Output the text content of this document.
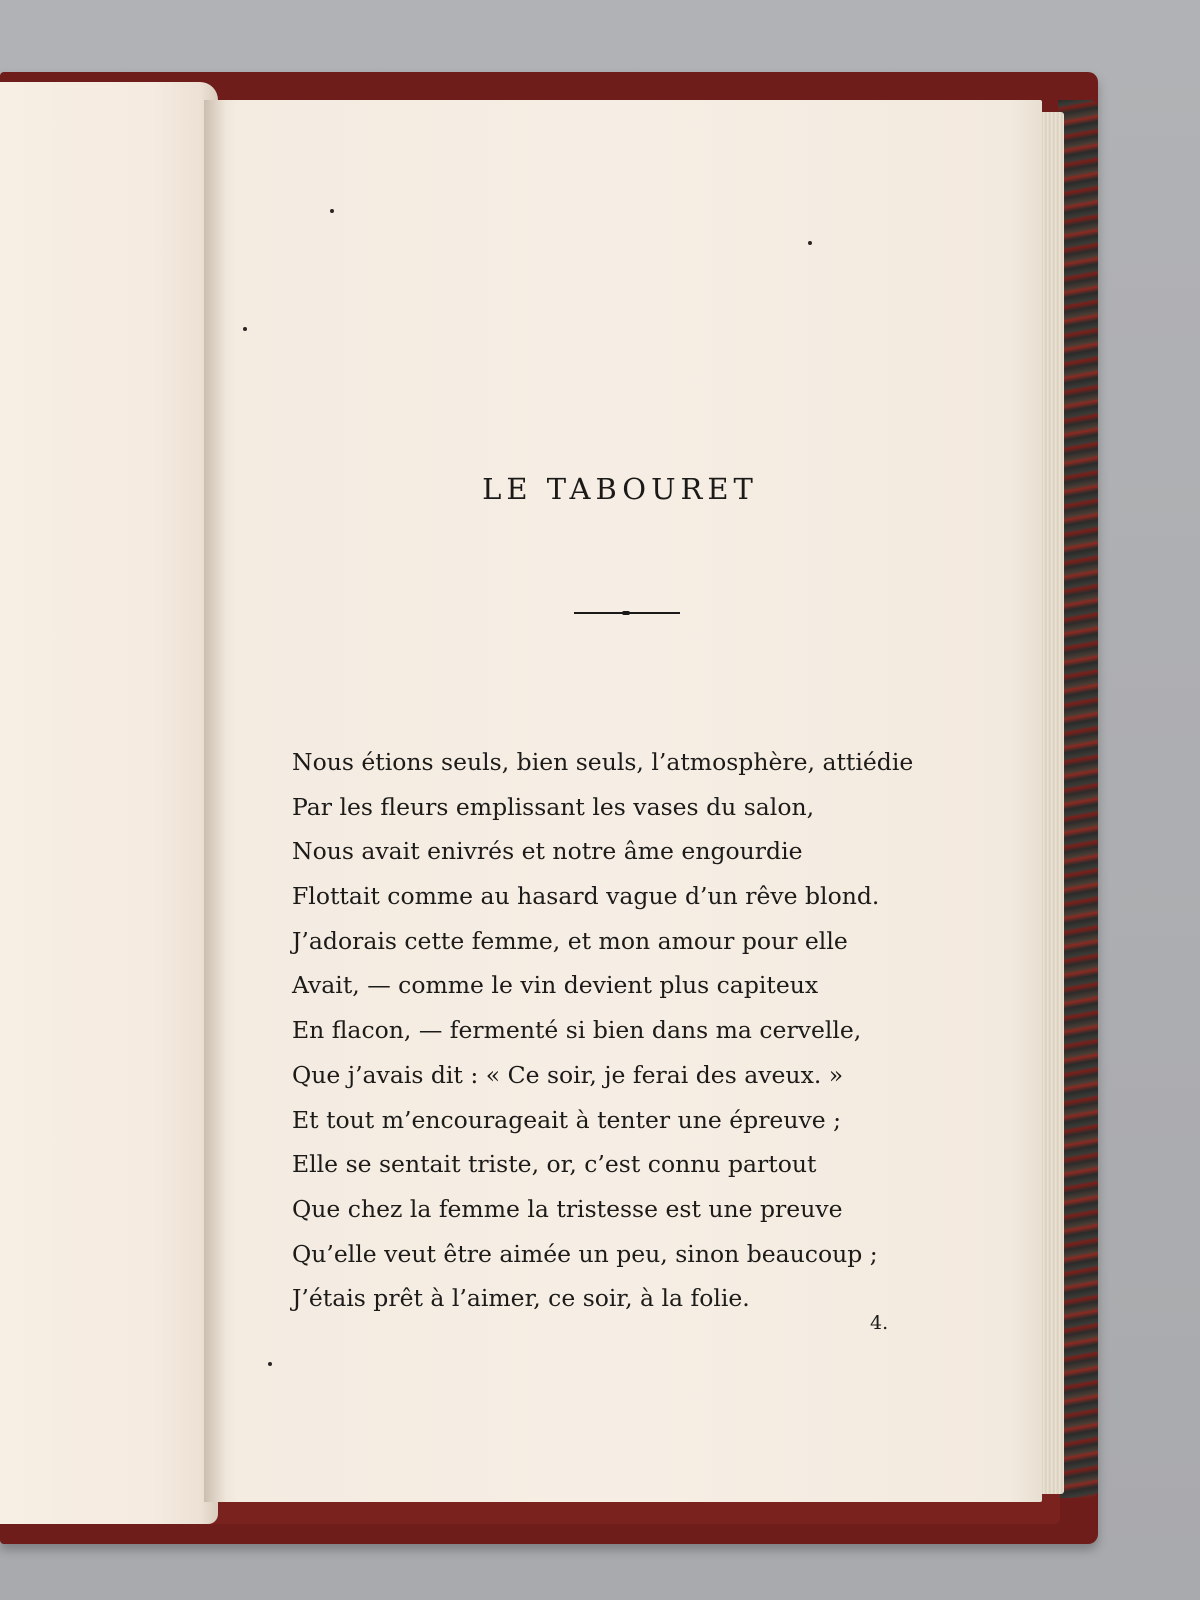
LE TABOURET
Nous étions seuls, bien seuls, l’atmosphère, attiédie
Par les fleurs emplissant les vases du salon,
Nous avait enivrés et notre âme engourdie
Flottait comme au hasard vague d’un rêve blond.
J’adorais cette femme, et mon amour pour elle
Avait, — comme le vin devient plus capiteux
En flacon, — fermenté si bien dans ma cervelle,
Que j’avais dit : « Ce soir, je ferai des aveux. »
Et tout m’encourageait à tenter une épreuve ;
Elle se sentait triste, or, c’est connu partout
Que chez la femme la tristesse est une preuve
Qu’elle veut être aimée un peu, sinon beaucoup ;
J’étais prêt à l’aimer, ce soir, à la folie.
4.
